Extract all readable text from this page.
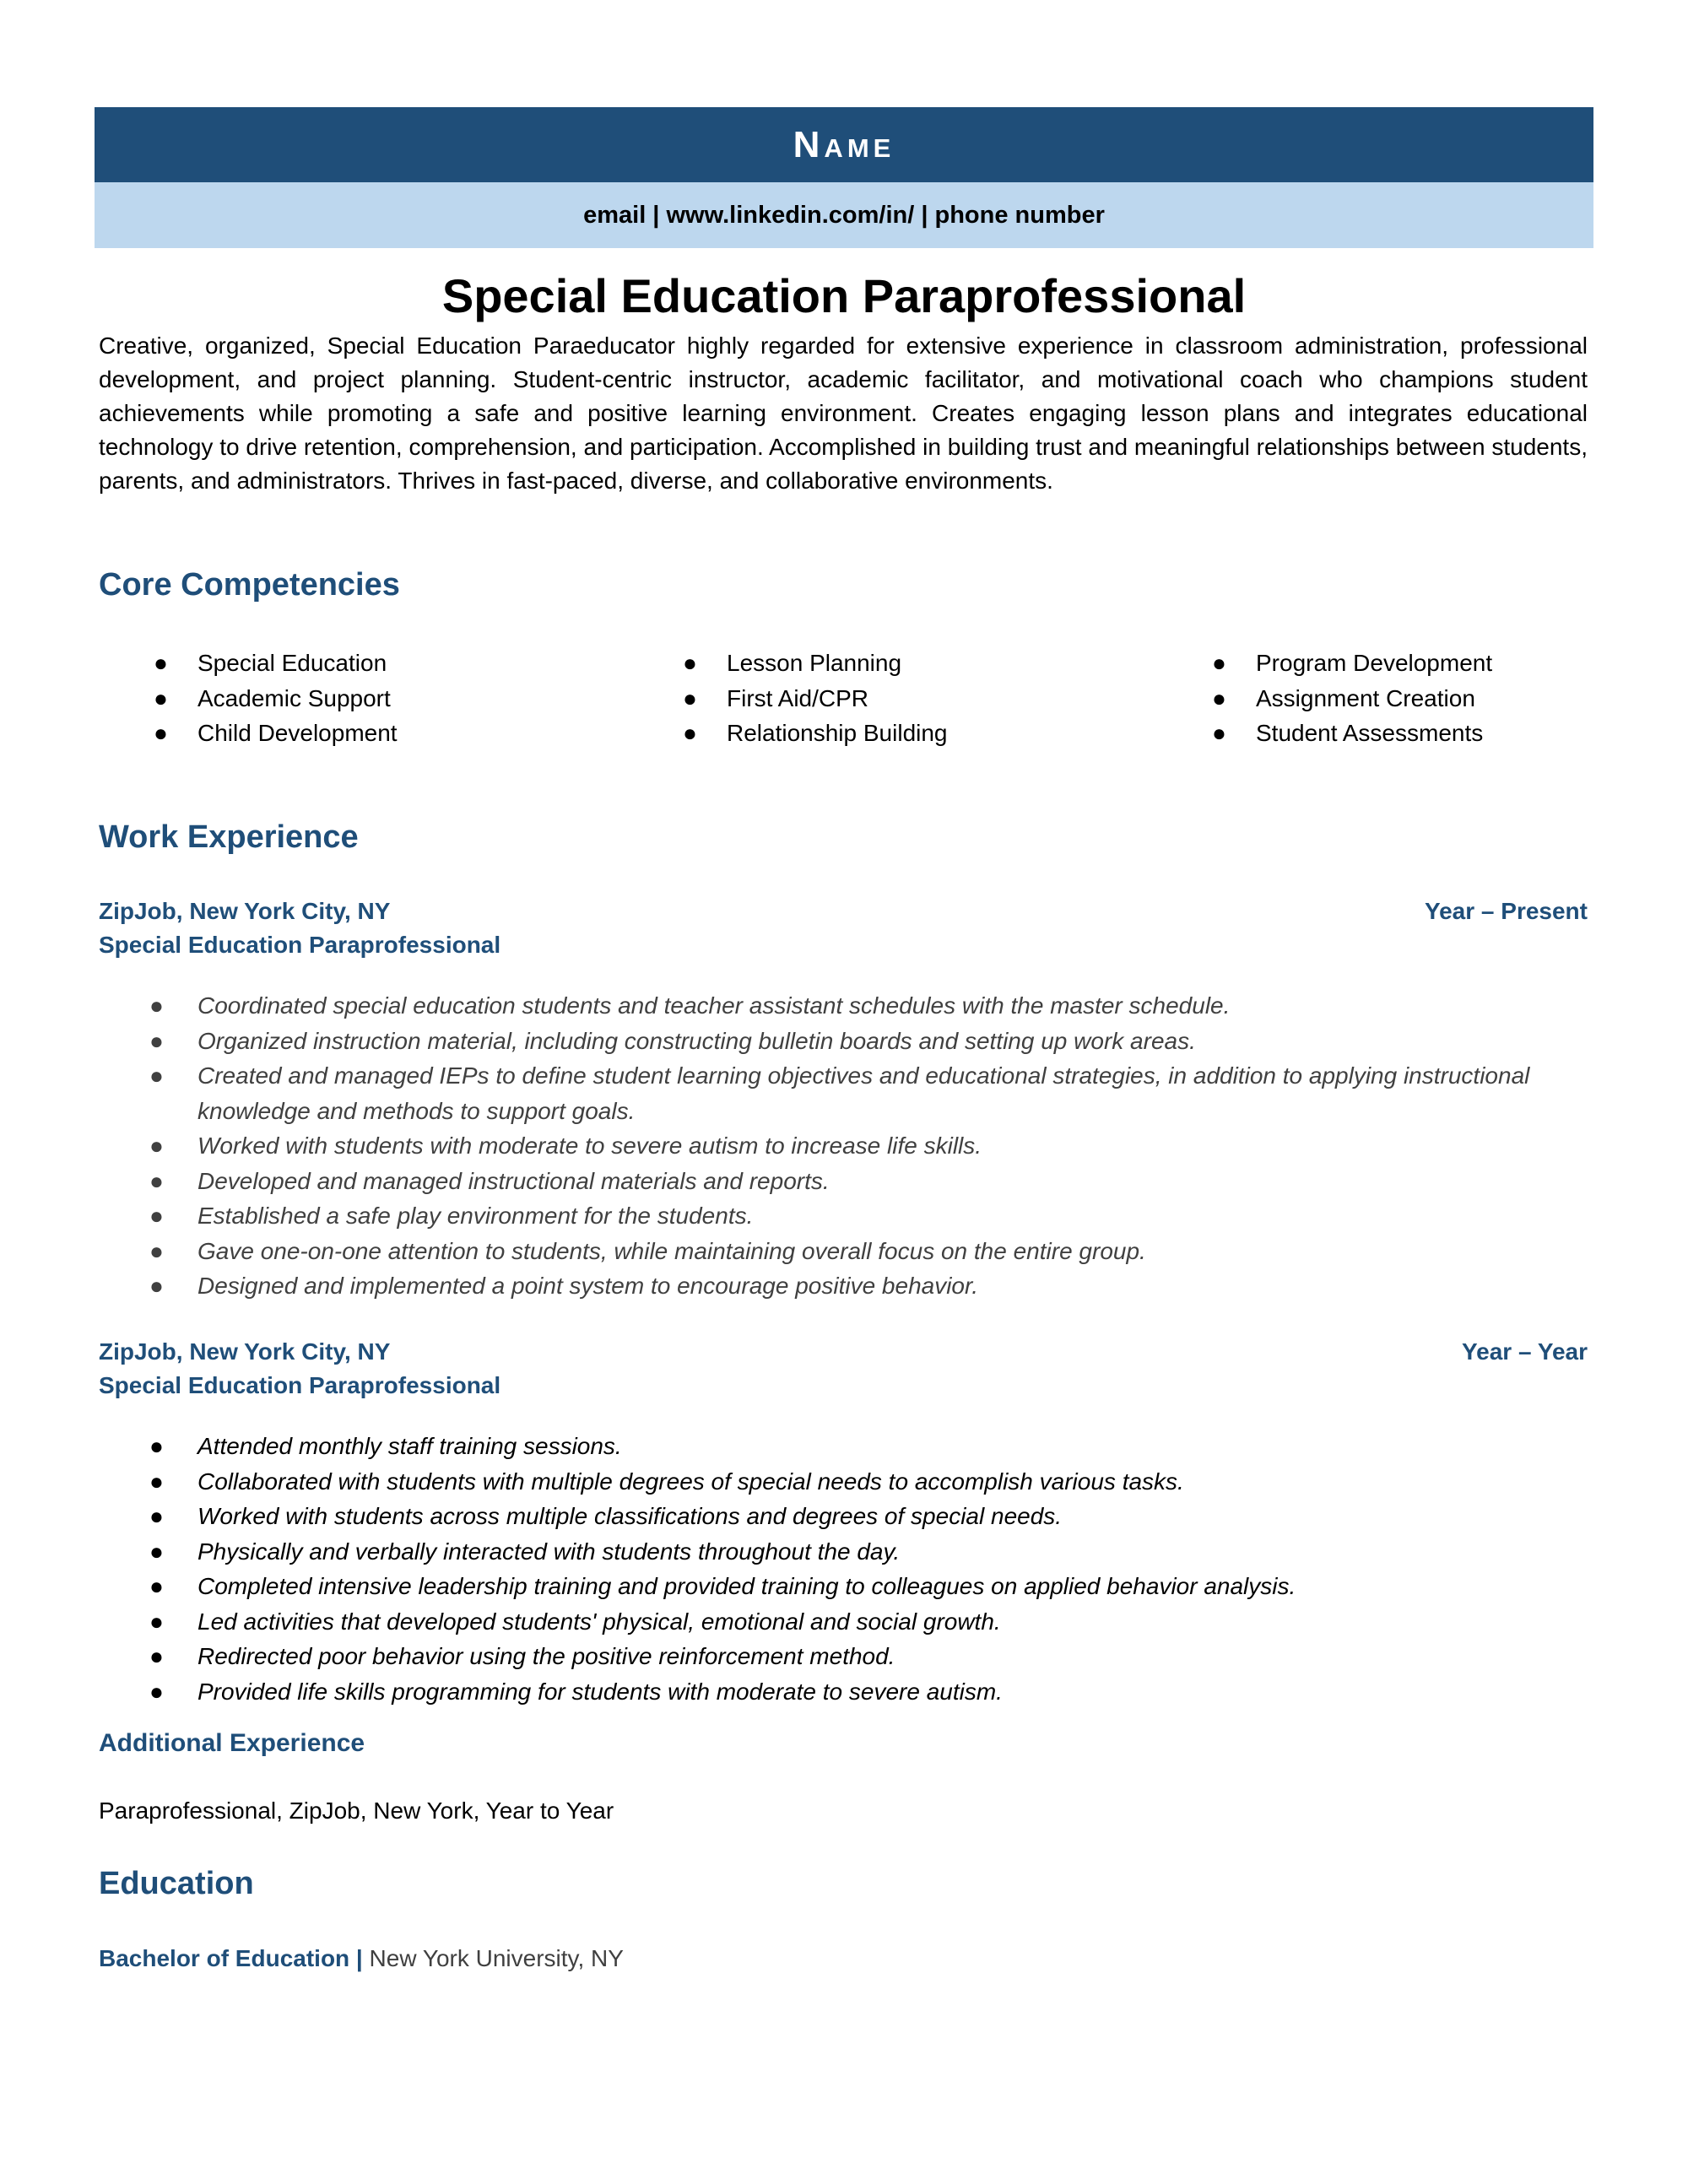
Name
email | www.linkedin.com/in/ | phone number
Special Education Paraprofessional
Creative, organized, Special Education Paraeducator highly regarded for extensive experience in classroom administration, professional development, and project planning. Student-centric instructor, academic facilitator, and motivational coach who champions student achievements while promoting a safe and positive learning environment. Creates engaging lesson plans and integrates educational technology to drive retention, comprehension, and participation. Accomplished in building trust and meaningful relationships between students, parents, and administrators. Thrives in fast-paced, diverse, and collaborative environments.
Core Competencies
● Special Education
● Academic Support
● Child Development
● Lesson Planning
● First Aid/CPR
● Relationship Building
● Program Development
● Assignment Creation
● Student Assessments
Work Experience
ZipJob, New York City, NY	Year – Present
Special Education Paraprofessional
● Coordinated special education students and teacher assistant schedules with the master schedule.
● Organized instruction material, including constructing bulletin boards and setting up work areas.
● Created and managed IEPs to define student learning objectives and educational strategies, in addition to applying instructional knowledge and methods to support goals.
● Worked with students with moderate to severe autism to increase life skills.
● Developed and managed instructional materials and reports.
● Established a safe play environment for the students.
● Gave one-on-one attention to students, while maintaining overall focus on the entire group.
● Designed and implemented a point system to encourage positive behavior.
ZipJob, New York City, NY	Year – Year
Special Education Paraprofessional
● Attended monthly staff training sessions.
● Collaborated with students with multiple degrees of special needs to accomplish various tasks.
● Worked with students across multiple classifications and degrees of special needs.
● Physically and verbally interacted with students throughout the day.
● Completed intensive leadership training and provided training to colleagues on applied behavior analysis.
● Led activities that developed students' physical, emotional and social growth.
● Redirected poor behavior using the positive reinforcement method.
● Provided life skills programming for students with moderate to severe autism.
Additional Experience
Paraprofessional, ZipJob, New York, Year to Year
Education
Bachelor of Education | New York University, NY
